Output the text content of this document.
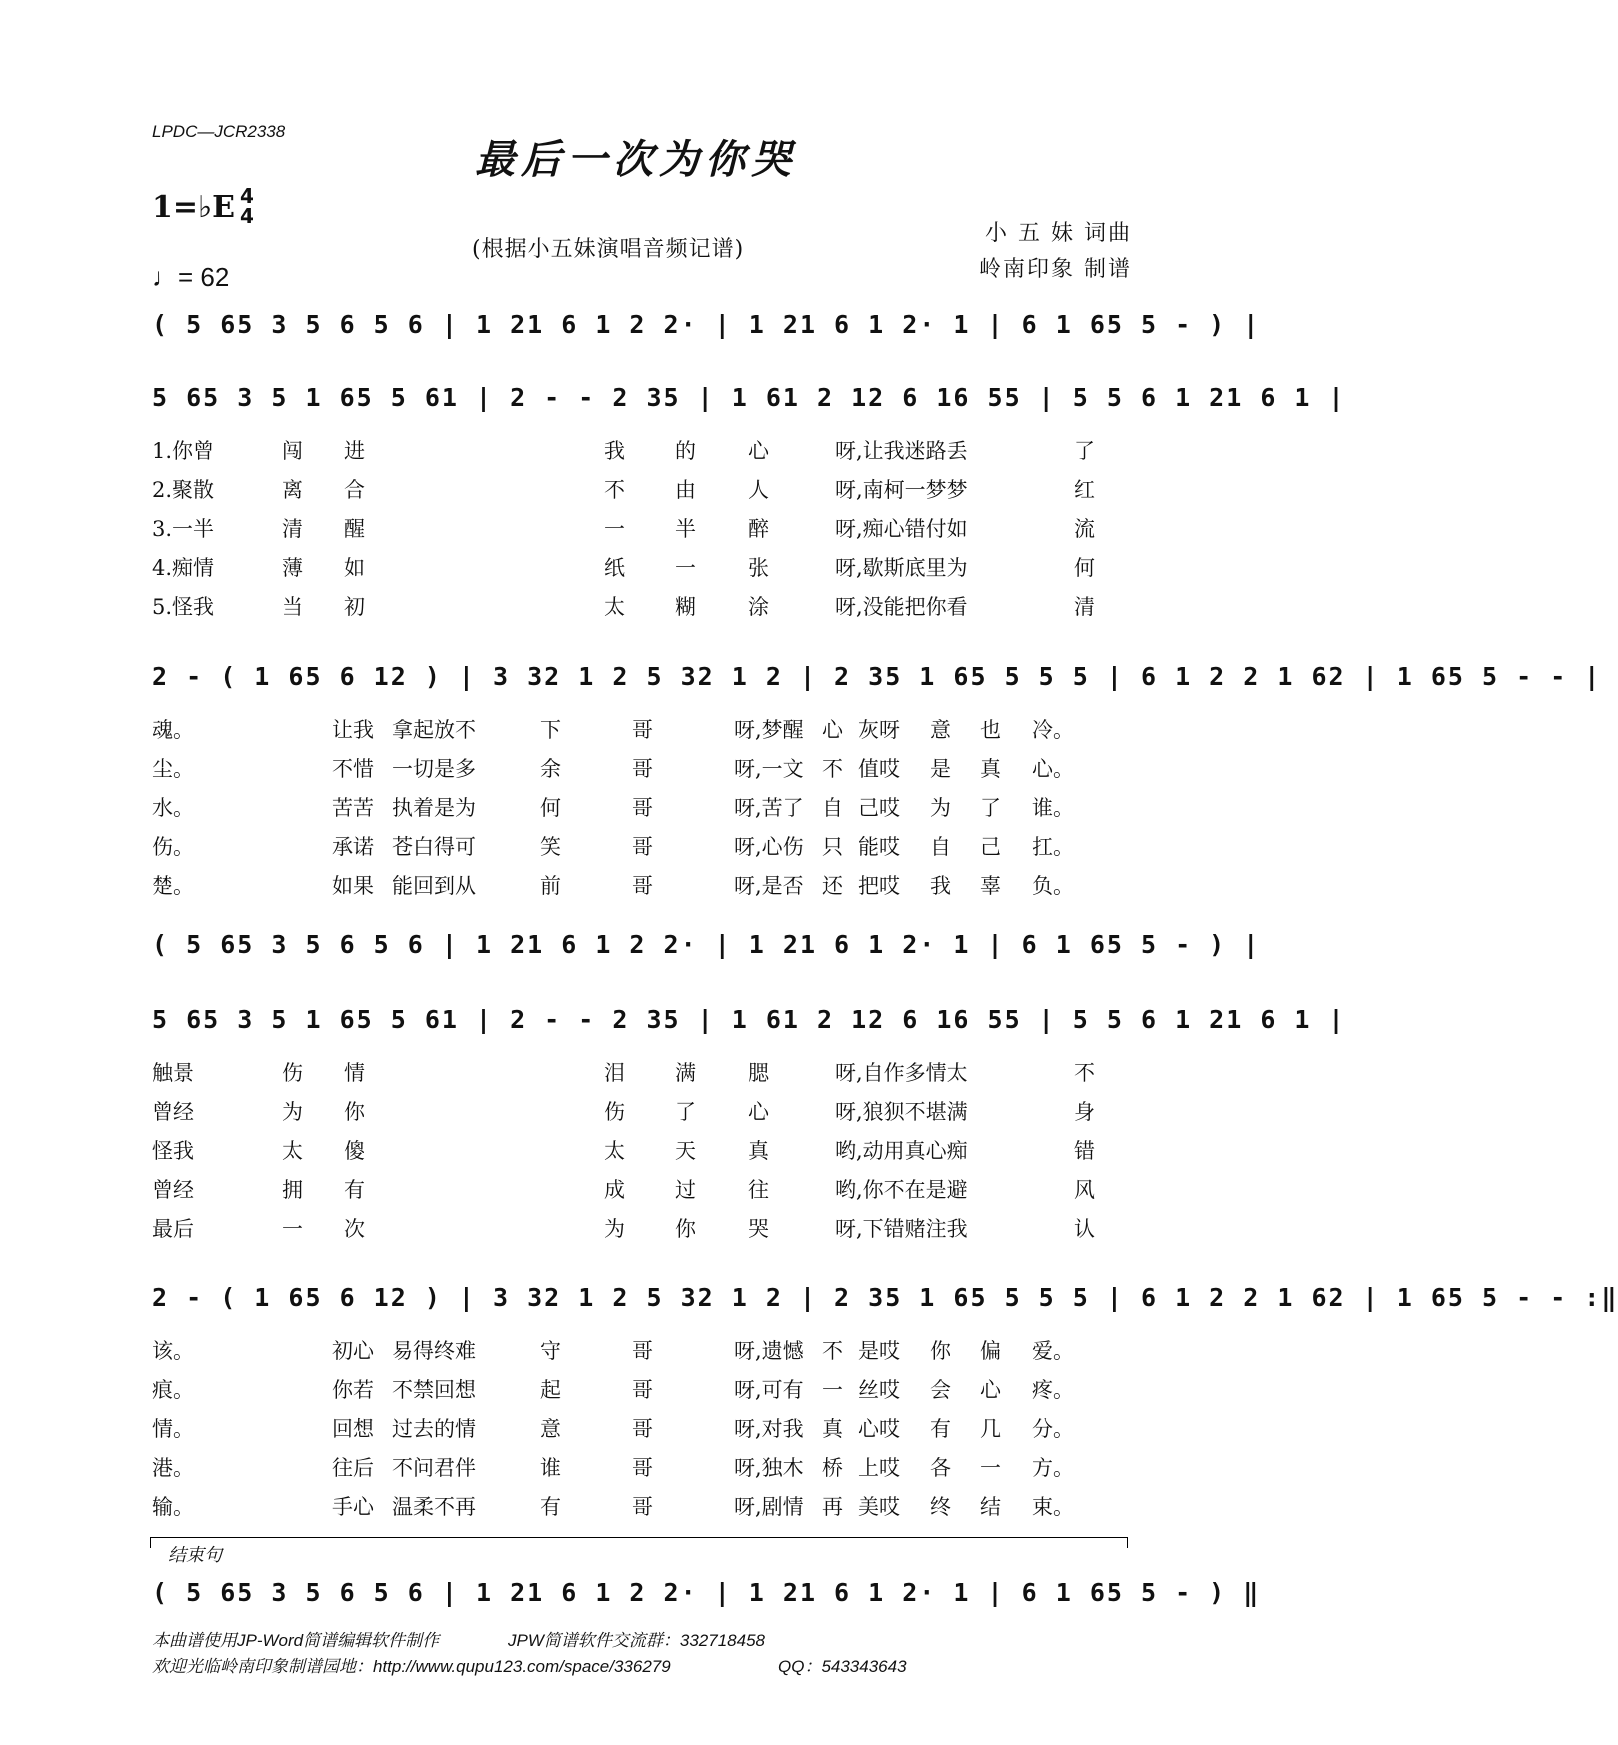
LPDC—JCR2338
最后一次为你哭
1=♭E 4
4
♩= 62
(根据小五妹演唱音频记谱)
小 五 妹 词曲
岭南印象 制谱
( 5 65 3 5 6 5 6 | 1 21 6 1 2 2· | 1 21 6 1 2· 1 | 6 1 65 5 - ) |
5 65 3 5 1 65 5 61 | 2 - - 2 35 | 1 61 2 12 6 16 55 | 5 5 6 1 21 6 1 |
1.你曾	闯 进	我 的 心	呀,让我迷路丢	了
2.聚散	离 合	不 由 人	呀,南柯一梦梦	红
3.一半	清 醒	一 半 醉	呀,痴心错付如	流
4.痴情	薄 如	纸 一 张	呀,歇斯底里为	何
5.怪我	当 初	太 糊 涂	呀,没能把你看	清
2 - ( 1 65 6 12 ) | 3 32 1 2 5 32 1 2 | 2 35 1 65 5 5 5 | 6 1 2 2 1 62 | 1 65 5 - - |
魂。	让我 拿起放不	下	哥	呀,梦醒 心 灰呀 意 也 冷。
尘。	不惜 一切是多	余	哥	呀,一文 不 值哎 是 真 心。
水。	苦苦 执着是为	何	哥	呀,苦了 自 己哎 为 了 谁。
伤。	承诺 苍白得可	笑	哥	呀,心伤 只 能哎 自 己 扛。
楚。	如果 能回到从	前	哥	呀,是否 还 把哎 我 辜 负。
( 5 65 3 5 6 5 6 | 1 21 6 1 2 2· | 1 21 6 1 2· 1 | 6 1 65 5 - ) |
5 65 3 5 1 65 5 61 | 2 - - 2 35 | 1 61 2 12 6 16 55 | 5 5 6 1 21 6 1 |
触景	伤 情	泪 满 腮	呀,自作多情太	不
曾经	为 你	伤 了 心	呀,狼狈不堪满	身
怪我	太 傻	太 天 真	哟,动用真心痴	错
曾经	拥 有	成 过 往	哟,你不在是避	风
最后	一 次	为 你 哭	呀,下错赌注我	认
2 - ( 1 65 6 12 ) | 3 32 1 2 5 32 1 2 | 2 35 1 65 5 5 5 | 6 1 2 2 1 62 | 1 65 5 - - :‖
该。	初心 易得终难	守	哥	呀,遗憾 不 是哎 你 偏 爱。
痕。	你若 不禁回想	起	哥	呀,可有 一 丝哎 会 心 疼。
情。	回想 过去的情	意	哥	呀,对我 真 心哎 有 几 分。
港。	往后 不问君伴	谁	哥	呀,独木 桥 上哎 各 一 方。
输。	手心 温柔不再	有	哥	呀,剧情 再 美哎 终 结 束。
结束句
( 5 65 3 5 6 5 6 | 1 21 6 1 2 2· | 1 21 6 1 2· 1 | 6 1 65 5 - ) ‖
本曲谱使用JP-Word简谱编辑软件制作	JPW简谱软件交流群：332718458
欢迎光临岭南印象制谱园地：http://www.qupu123.com/space/336279	QQ：543343643
